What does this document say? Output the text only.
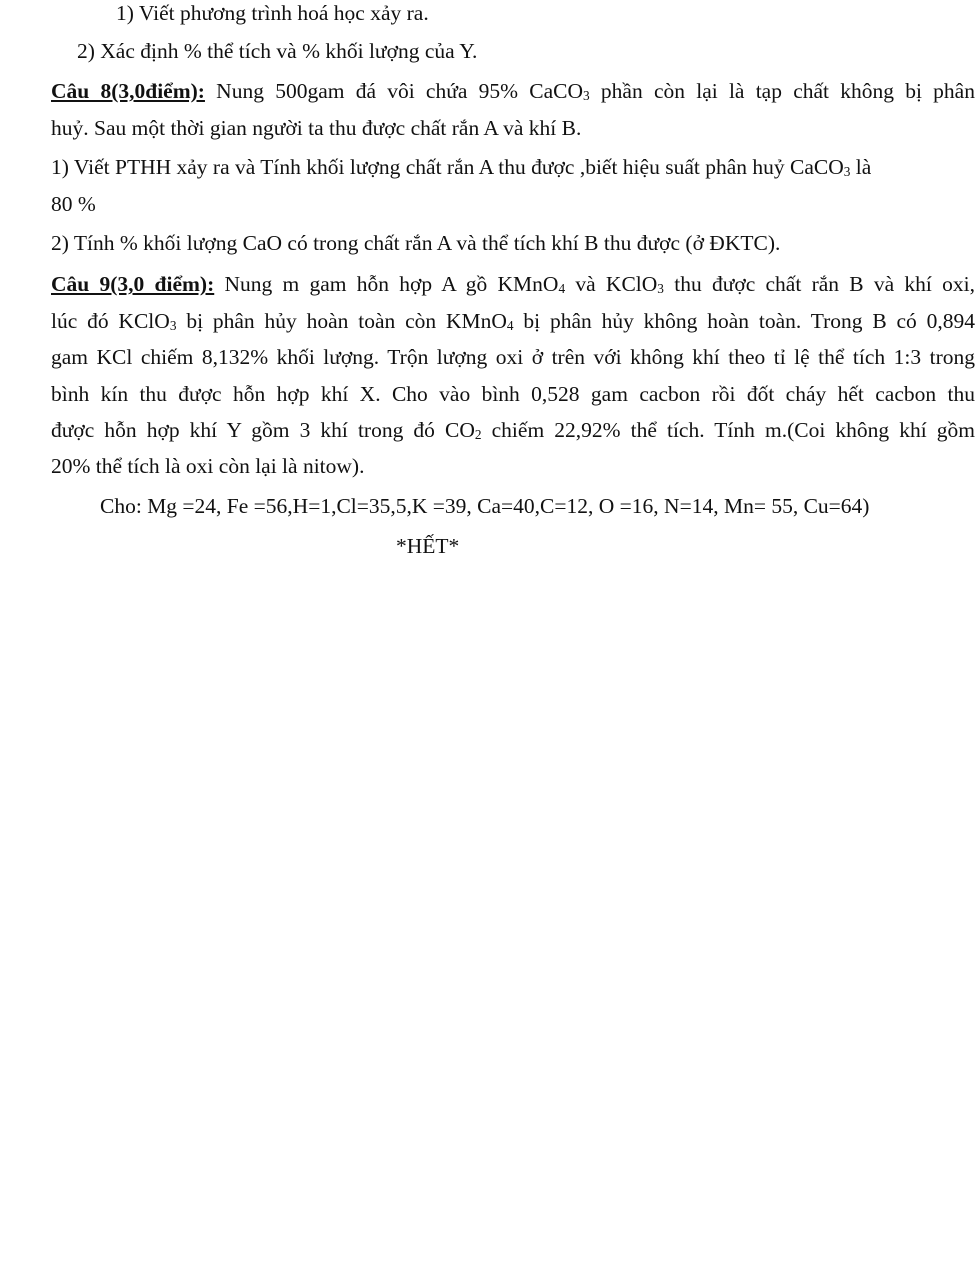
1) Viết phương trình hoá học xảy ra.
2) Xác định % thể tích và % khối lượng của Y.
Câu 8(3,0điểm): Nung 500gam đá vôi chứa 95% CaCO$_3$ phần còn lại là tạp chất không bị phân
huỷ. Sau một thời gian người ta thu được chất rắn A và khí B.
1) Viết PTHH xảy ra và Tính khối lượng chất rắn A thu được ,biết hiệu suất phân huỷ CaCO$_3$ là
80 %
2) Tính % khối lượng CaO có trong chất rắn A và thể tích khí B thu được (ở ĐKTC).
Câu 9(3,0 điểm): Nung m gam hỗn hợp A gồ KMnO$_4$ và KClO$_3$ thu được chất rắn B và khí oxi,
lúc đó KClO$_3$ bị phân hủy hoàn toàn còn KMnO$_4$ bị phân hủy không hoàn toàn. Trong B có 0,894
gam KCl chiếm 8,132% khối lượng. Trộn lượng oxi ở trên với không khí theo tỉ lệ thể tích 1:3 trong
bình kín thu được hỗn hợp khí X. Cho vào bình 0,528 gam cacbon rồi đốt cháy hết cacbon thu
được hỗn hợp khí Y gồm 3 khí trong đó $CO_2$ chiếm 22,92% thể tích. Tính m.(Coi không khí gồm
20% thể tích là oxi còn lại là nitow).
Cho: Mg =24, Fe =56,H=1,Cl=35,5,K =39, Ca=40,C=12, O =16, N=14, Mn= 55, Cu=64)
*HẾT*
